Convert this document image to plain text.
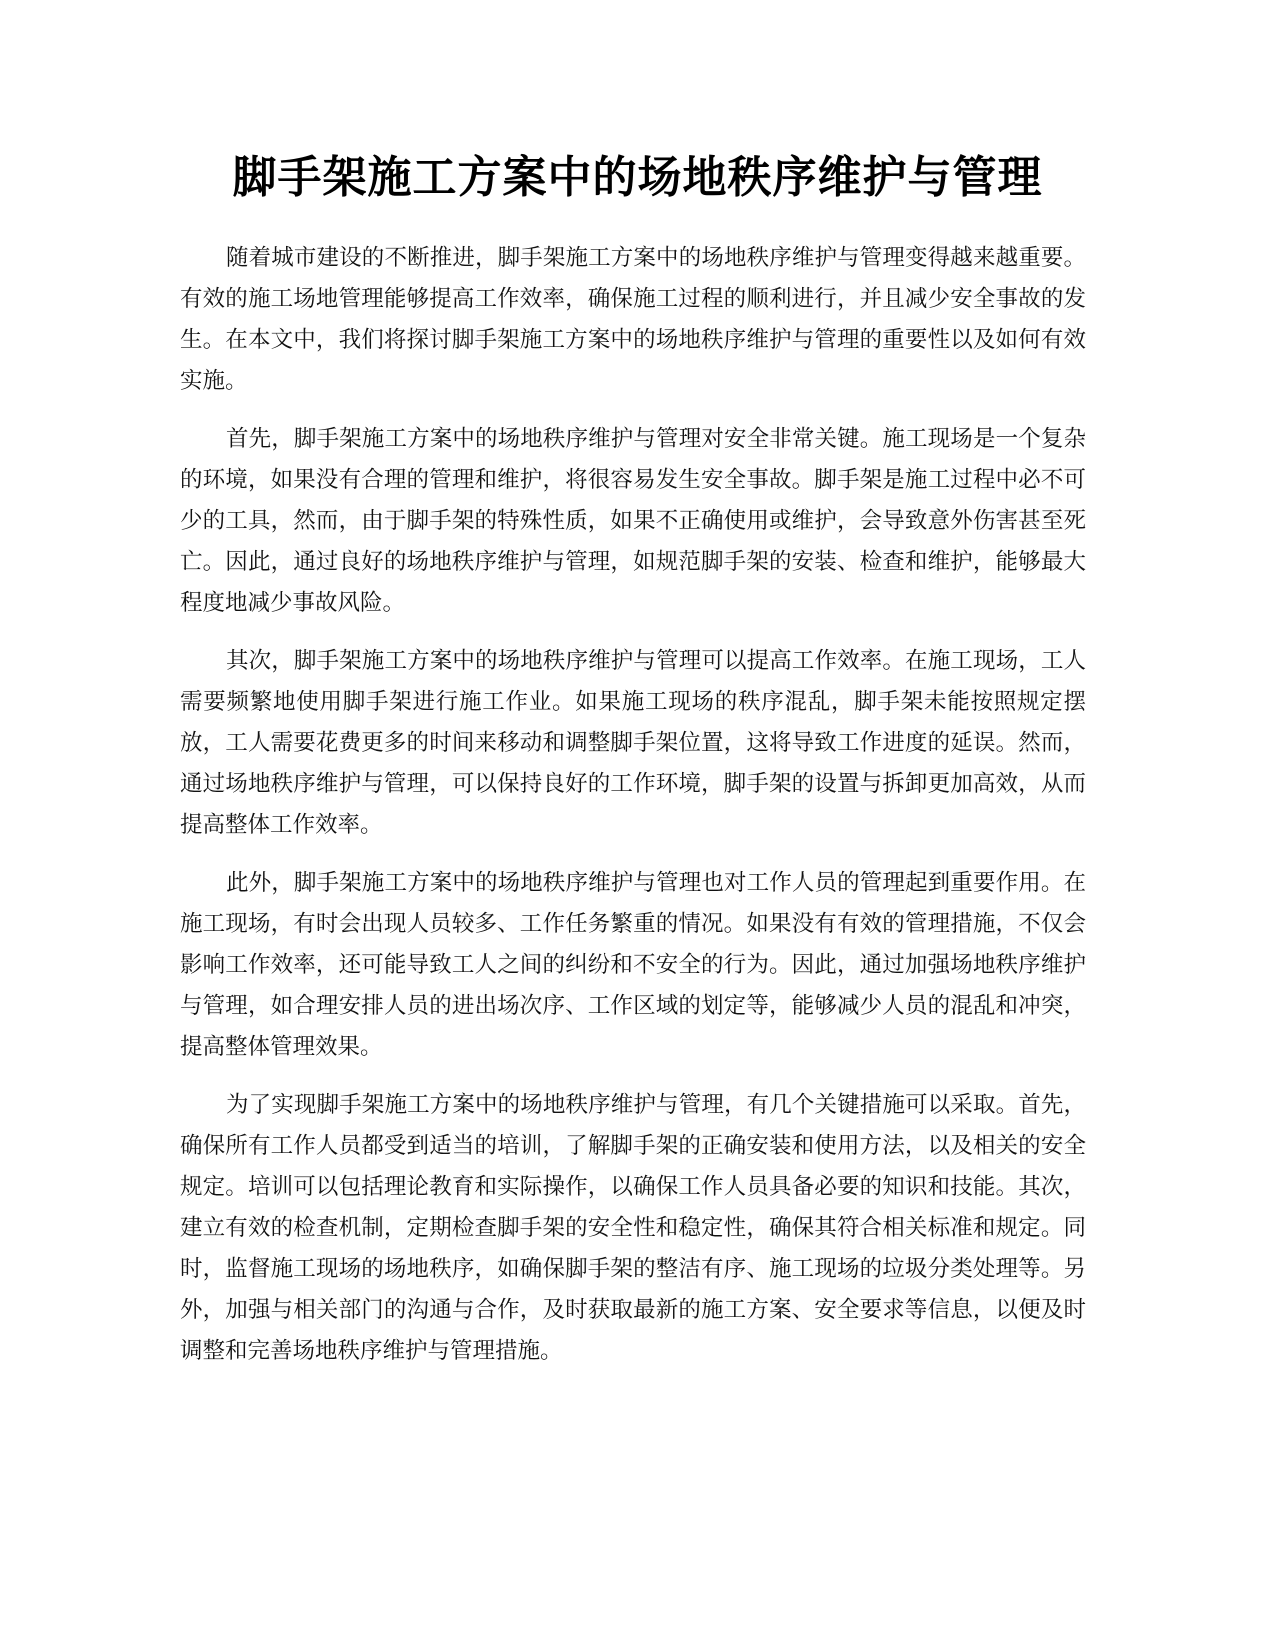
脚手架施工方案中的场地秩序维护与管理

随着城市建设的不断推进，脚手架施工方案中的场地秩序维护与管理变得越来越重要。有效的施工场地管理能够提高工作效率，确保施工过程的顺利进行，并且减少安全事故的发生。在本文中，我们将探讨脚手架施工方案中的场地秩序维护与管理的重要性以及如何有效实施。

首先，脚手架施工方案中的场地秩序维护与管理对安全非常关键。施工现场是一个复杂的环境，如果没有合理的管理和维护，将很容易发生安全事故。脚手架是施工过程中必不可少的工具，然而，由于脚手架的特殊性质，如果不正确使用或维护，会导致意外伤害甚至死亡。因此，通过良好的场地秩序维护与管理，如规范脚手架的安装、检查和维护，能够最大程度地减少事故风险。

其次，脚手架施工方案中的场地秩序维护与管理可以提高工作效率。在施工现场，工人需要频繁地使用脚手架进行施工作业。如果施工现场的秩序混乱，脚手架未能按照规定摆放，工人需要花费更多的时间来移动和调整脚手架位置，这将导致工作进度的延误。然而，通过场地秩序维护与管理，可以保持良好的工作环境，脚手架的设置与拆卸更加高效，从而提高整体工作效率。

此外，脚手架施工方案中的场地秩序维护与管理也对工作人员的管理起到重要作用。在施工现场，有时会出现人员较多、工作任务繁重的情况。如果没有有效的管理措施，不仅会影响工作效率，还可能导致工人之间的纠纷和不安全的行为。因此，通过加强场地秩序维护与管理，如合理安排人员的进出场次序、工作区域的划定等，能够减少人员的混乱和冲突，提高整体管理效果。

为了实现脚手架施工方案中的场地秩序维护与管理，有几个关键措施可以采取。首先，确保所有工作人员都受到适当的培训，了解脚手架的正确安装和使用方法，以及相关的安全规定。培训可以包括理论教育和实际操作，以确保工作人员具备必要的知识和技能。其次，建立有效的检查机制，定期检查脚手架的安全性和稳定性，确保其符合相关标准和规定。同时，监督施工现场的场地秩序，如确保脚手架的整洁有序、施工现场的垃圾分类处理等。另外，加强与相关部门的沟通与合作，及时获取最新的施工方案、安全要求等信息，以便及时调整和完善场地秩序维护与管理措施。
